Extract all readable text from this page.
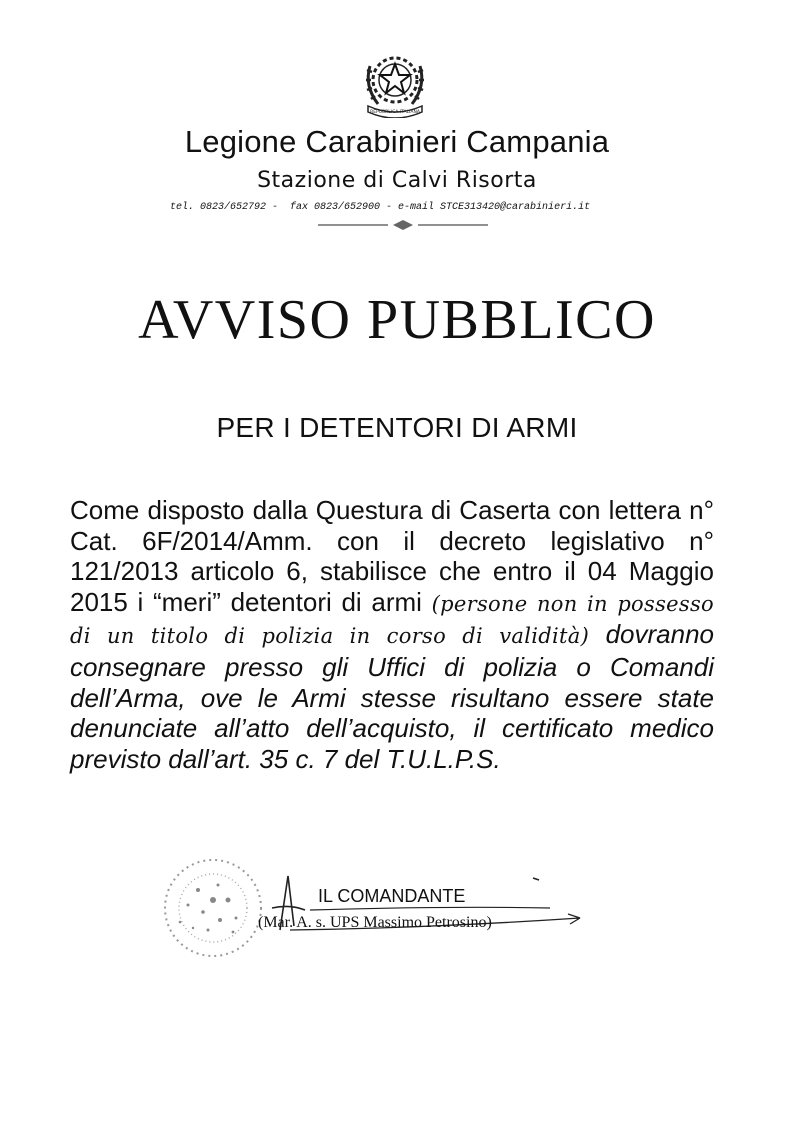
REPUBBLICA ITALIANA
Legione Carabinieri Campania
Stazione di Calvi Risorta
tel. 0823/652792 -  fax 0823/652900 - e-mail STCE313420@carabinieri.it
AVVISO PUBBLICO
PER I DETENTORI DI ARMI
Come disposto dalla Questura di Caserta con lettera n° Cat. 6F/2014/Amm. con il decreto legislativo n° 121/2013 articolo 6, stabilisce che entro il 04 Maggio 2015 i “meri” detentori di armi (persone non in possesso di un titolo di polizia in corso di validità) dovranno consegnare presso gli Uffici di polizia o Comandi dell’Arma, ove le Armi stesse risultano essere state denunciate all’atto dell’acquisto, il certificato medico previsto dall’art. 35 c. 7 del T.U.L.P.S.
IL COMANDANTE
(Mar. A. s. UPS Massimo Petrosino)
